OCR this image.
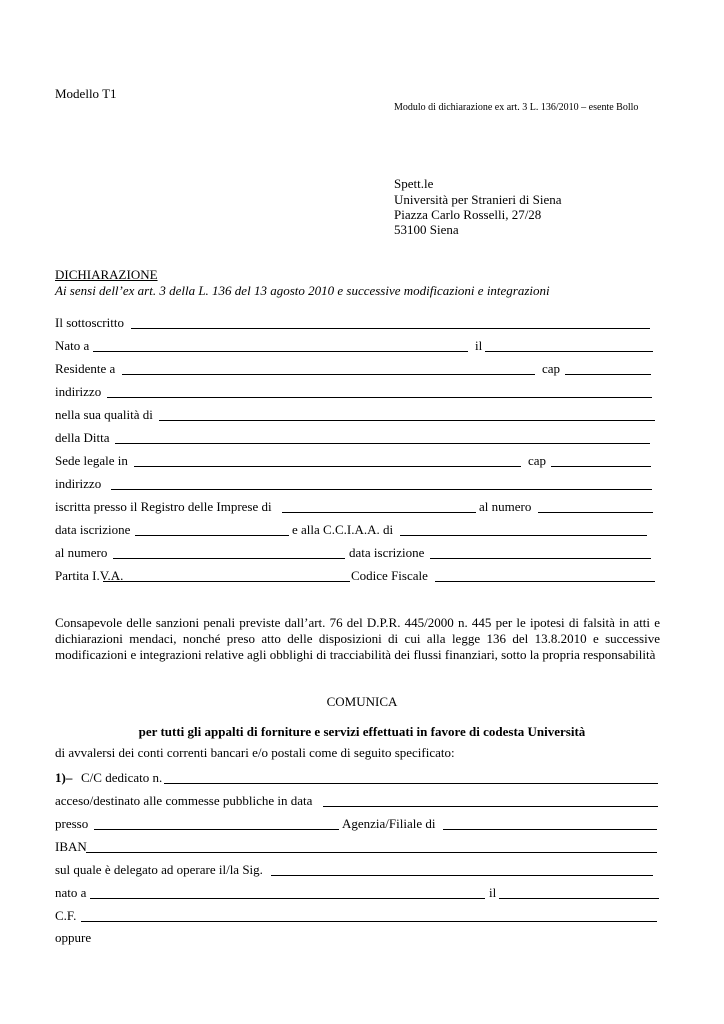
Modello T1
Modulo di dichiarazione ex art. 3 L. 136/2010 – esente Bollo
Spett.le
Università per Stranieri di Siena
Piazza Carlo Rosselli, 27/28
53100 Siena
DICHIARAZIONE
Ai sensi dell’ex art. 3 della L. 136 del 13 agosto 2010 e successive modificazioni e integrazioni
Il sottoscritto
Nato a	il
Residente a	cap
indirizzo
nella sua qualità di
della Ditta
Sede legale in	cap
indirizzo
iscritta presso il Registro delle Imprese di	al numero
data iscrizione	e alla C.C.I.A.A. di
al numero	data iscrizione
Partita I.V.A.	Codice Fiscale
Consapevole delle sanzioni penali previste dall’art. 76 del D.P.R. 445/2000 n. 445 per le ipotesi di falsità in atti e dichiarazioni mendaci, nonché preso atto delle disposizioni di cui alla legge 136 del 13.8.2010 e successive modificazioni e integrazioni relative agli obblighi di tracciabilità dei flussi finanziari, sotto la propria responsabilità
COMUNICA
per tutti gli appalti di forniture e servizi effettuati in favore di codesta Università
di avvalersi dei conti correnti bancari e/o postali come di seguito specificato:
1)– C/C dedicato n.
acceso/destinato alle commesse pubbliche in data
presso	Agenzia/Filiale di
IBAN
sul quale è delegato ad operare il/la Sig.
nato a	il
C.F.
oppure
